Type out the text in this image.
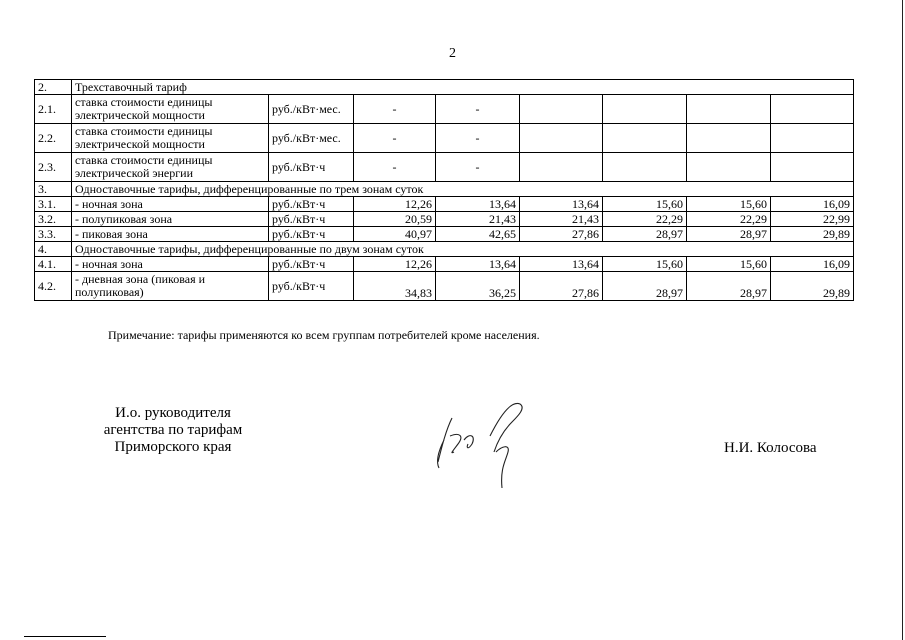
2
2.	Трехставочный тариф							
2.1.	ставка стоимости единицы электрической мощности	руб./кВт·мес.	-	-				
2.2.	ставка стоимости единицы электрической мощности	руб./кВт·мес.	-	-				
2.3.	ставка стоимости единицы электрической энергии	руб./кВт·ч	-	-				
3.	Одноставочные тарифы, дифференцированные по трем зонам суток							
3.1.	- ночная зона	руб./кВт·ч	12,26	13,64	13,64	15,60	15,60	16,09
3.2.	- полупиковая зона	руб./кВт·ч	20,59	21,43	21,43	22,29	22,29	22,99
3.3.	- пиковая зона	руб./кВт·ч	40,97	42,65	27,86	28,97	28,97	29,89
4.	Одноставочные тарифы, дифференцированные по двум зонам суток							
4.1.	- ночная зона	руб./кВт·ч	12,26	13,64	13,64	15,60	15,60	16,09
4.2.	- дневная зона (пиковая и полупиковая)	руб./кВт·ч	34,83	36,25	27,86	28,97	28,97	29,89
Примечание: тарифы применяются ко всем группам потребителей кроме населения.
И.о. руководителя
агентства по тарифам
Приморского края	Н.И. Колосова
